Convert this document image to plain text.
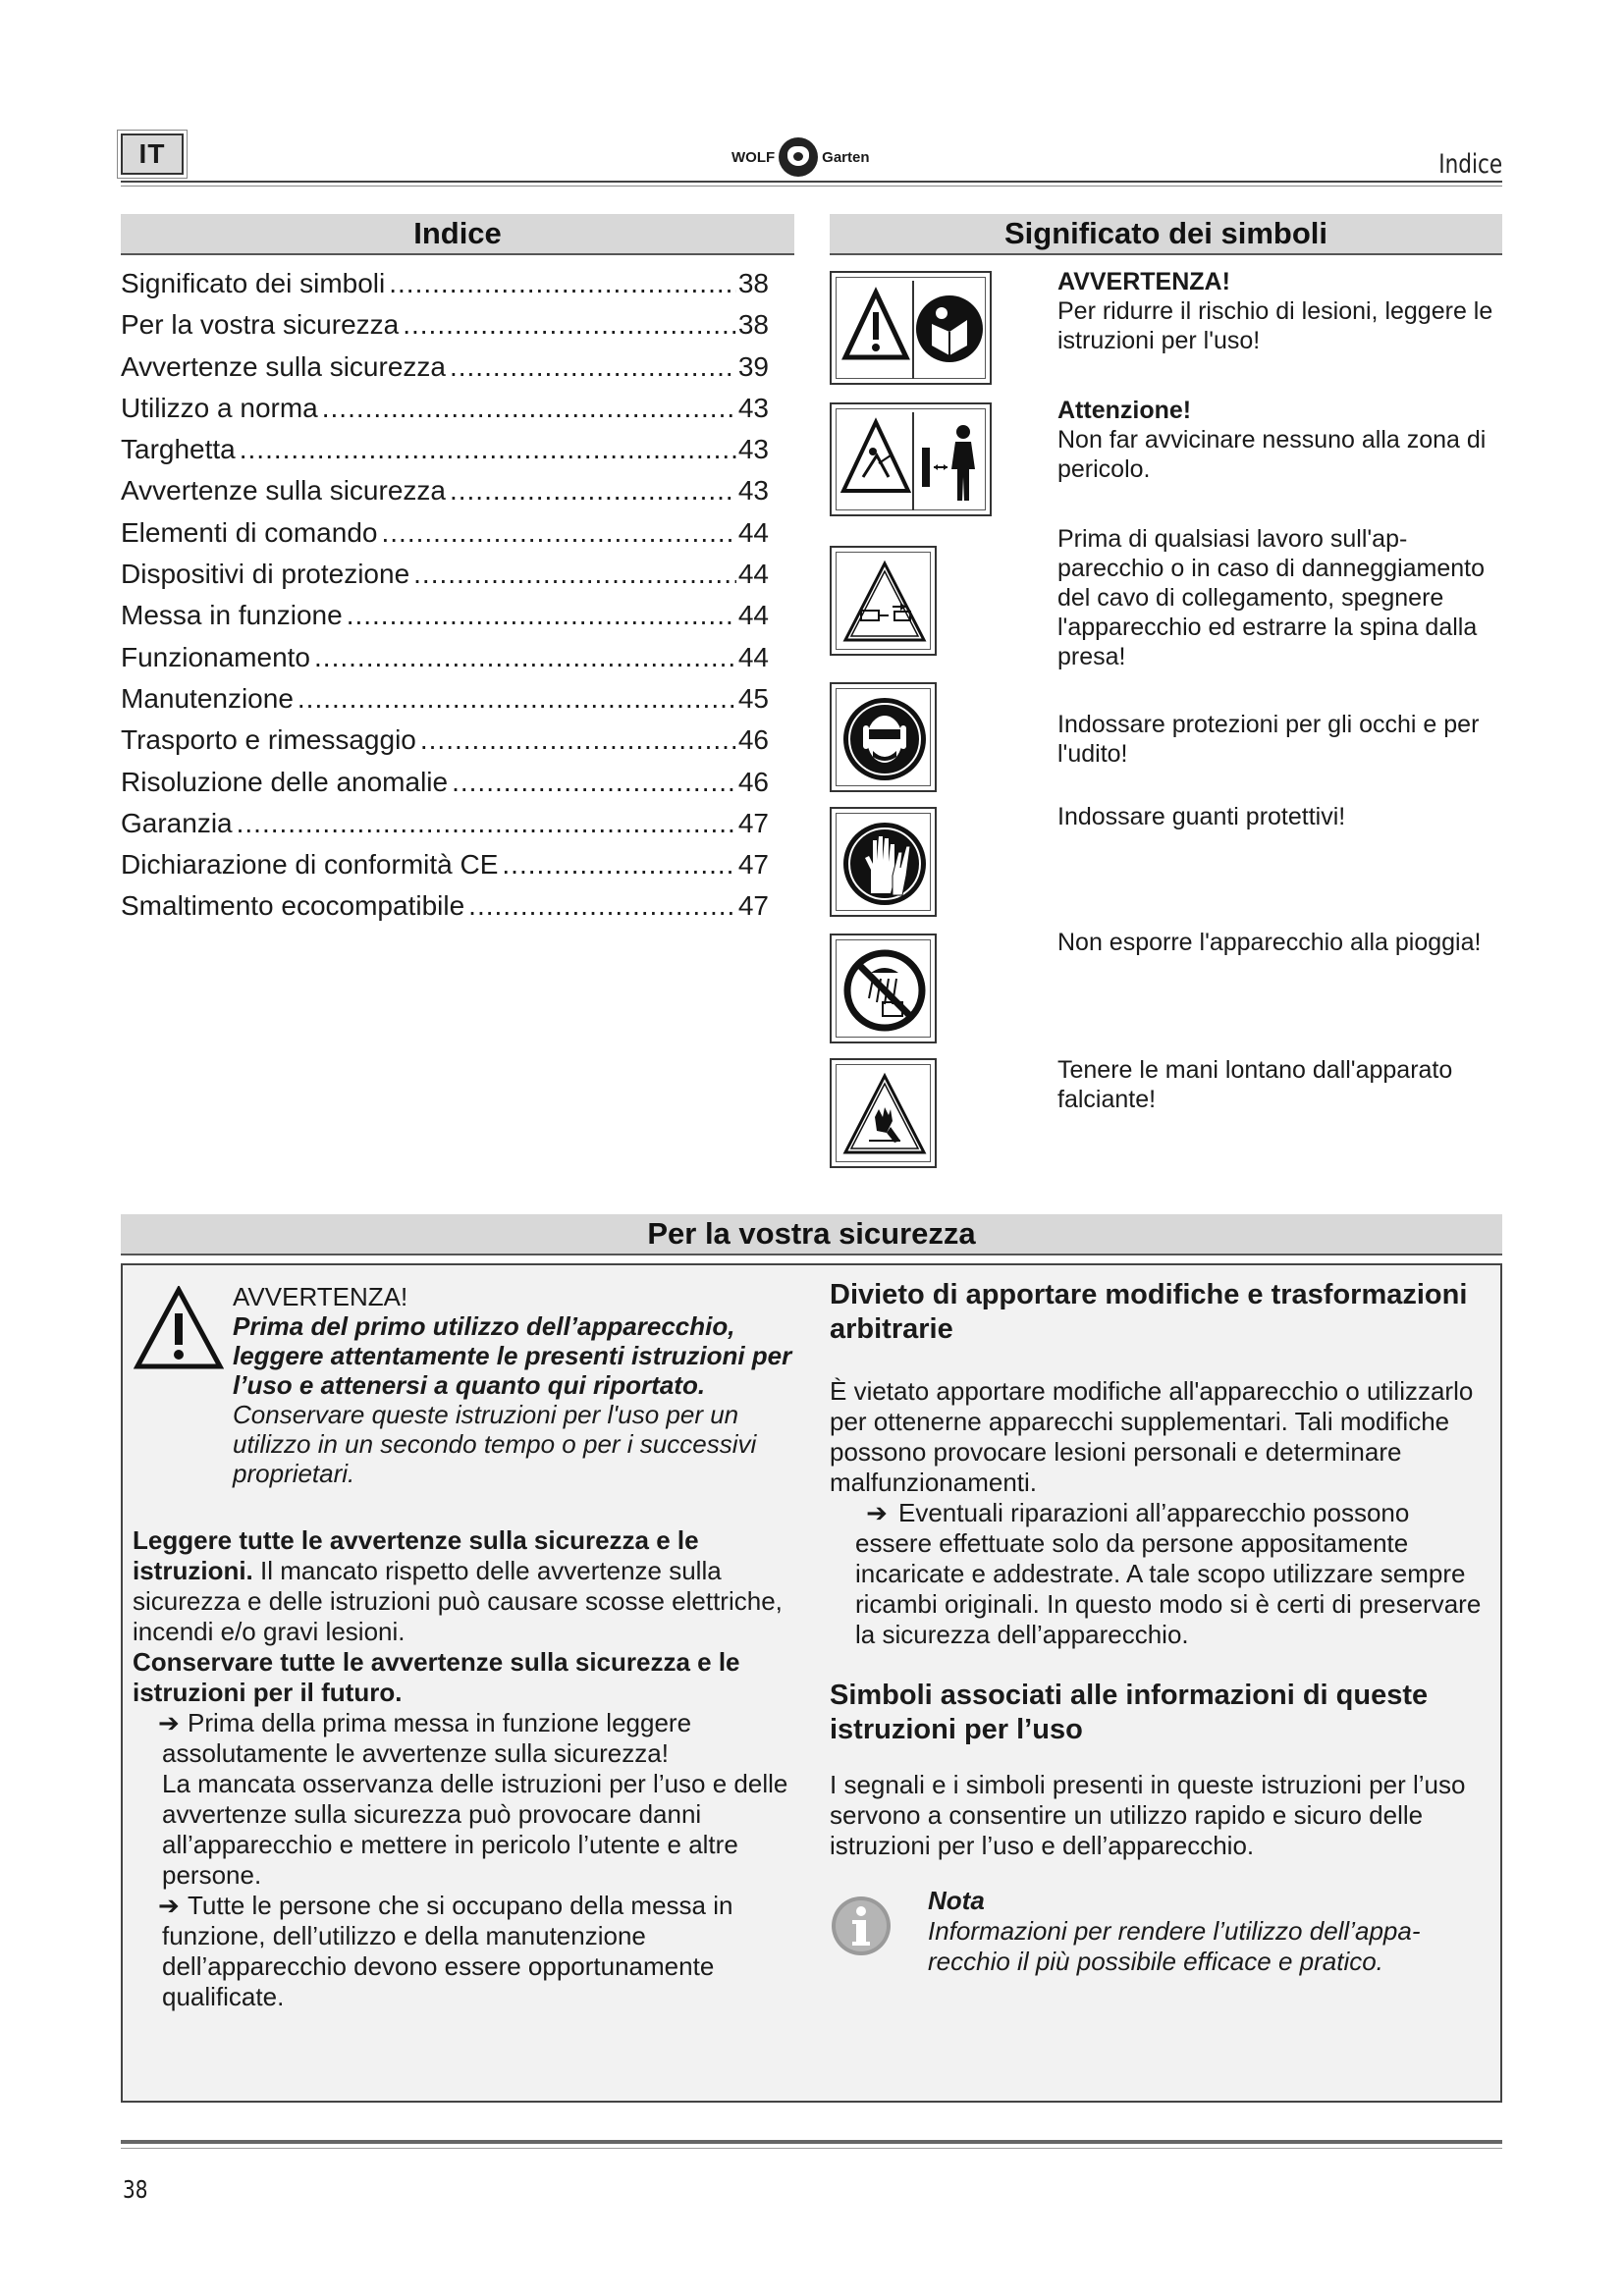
IT	WOLF	Garten	Indice
Indice
Significato dei simboli .....	38
Per la vostra sicurezza .....	38
Avvertenze sulla sicurezza .....	39
Utilizzo a norma .....	43
Targhetta .....	43
Avvertenze sulla sicurezza .....	43
Elementi di comando .....	44
Dispositivi di protezione .....	44
Messa in funzione .....	44
Funzionamento .....	44
Manutenzione .....	45
Trasporto e rimessaggio .....	46
Risoluzione delle anomalie .....	46
Garanzia .....	47
Dichiarazione di conformità CE .....	47
Smaltimento ecocompatibile .....	47
Significato dei simboli
AVVERTENZA!
Per ridurre il rischio di lesioni, leggere le istruzioni per l'uso!
Attenzione!
Non far avvicinare nessuno alla zona di pericolo.
Prima di qualsiasi lavoro sull'apparecchio o in caso di danneggiamento del cavo di collegamento, spegnere l'apparecchio ed estrarre la spina dalla presa!
Indossare protezioni per gli occhi e per l'udito!
Indossare guanti protettivi!
Non esporre l'apparecchio alla pioggia!
Tenere le mani lontano dall'apparato falciante!
Per la vostra sicurezza
AVVERTENZA!
Prima del primo utilizzo dell’apparecchio, leggere attentamente le presenti istruzioni per l’uso e attenersi a quanto qui riportato. Conservare queste istruzioni per l'uso per un utilizzo in un secondo tempo o per i successivi proprietari.
Leggere tutte le avvertenze sulla sicurezza e le istruzioni. Il mancato rispetto delle avvertenze sulla sicurezza e delle istruzioni può causare scosse elettriche, incendi e/o gravi lesioni.
Conservare tutte le avvertenze sulla sicurezza e le istruzioni per il futuro.
➔ Prima della prima messa in funzione leggere assolutamente le avvertenze sulla sicurezza!
La mancata osservanza delle istruzioni per l’uso e delle avvertenze sulla sicurezza può provocare danni all’apparecchio e mettere in pericolo l’utente e altre persone.
➔ Tutte le persone che si occupano della messa in funzione, dell’utilizzo e della manutenzione dell’apparecchio devono essere opportunamente qualificate.
Divieto di apportare modifiche e trasformazioni arbitrarie
È vietato apportare modifiche all'apparecchio o utilizzarlo per ottenerne apparecchi supplementari. Tali modifiche possono provocare lesioni personali e determinare malfunzionamenti.
➔ Eventuali riparazioni all’apparecchio possono essere effettuate solo da persone appositamente incaricate e addestrate. A tale scopo utilizzare sempre ricambi originali. In questo modo si è certi di preservare la sicurezza dell’apparecchio.
Simboli associati alle informazioni di queste istruzioni per l’uso
I segnali e i simboli presenti in queste istruzioni per l’uso servono a consentire un utilizzo rapido e sicuro delle istruzioni per l’uso e dell’apparecchio.
Nota
Informazioni per rendere l’utilizzo dell’apparecchio il più possibile efficace e pratico.
38
